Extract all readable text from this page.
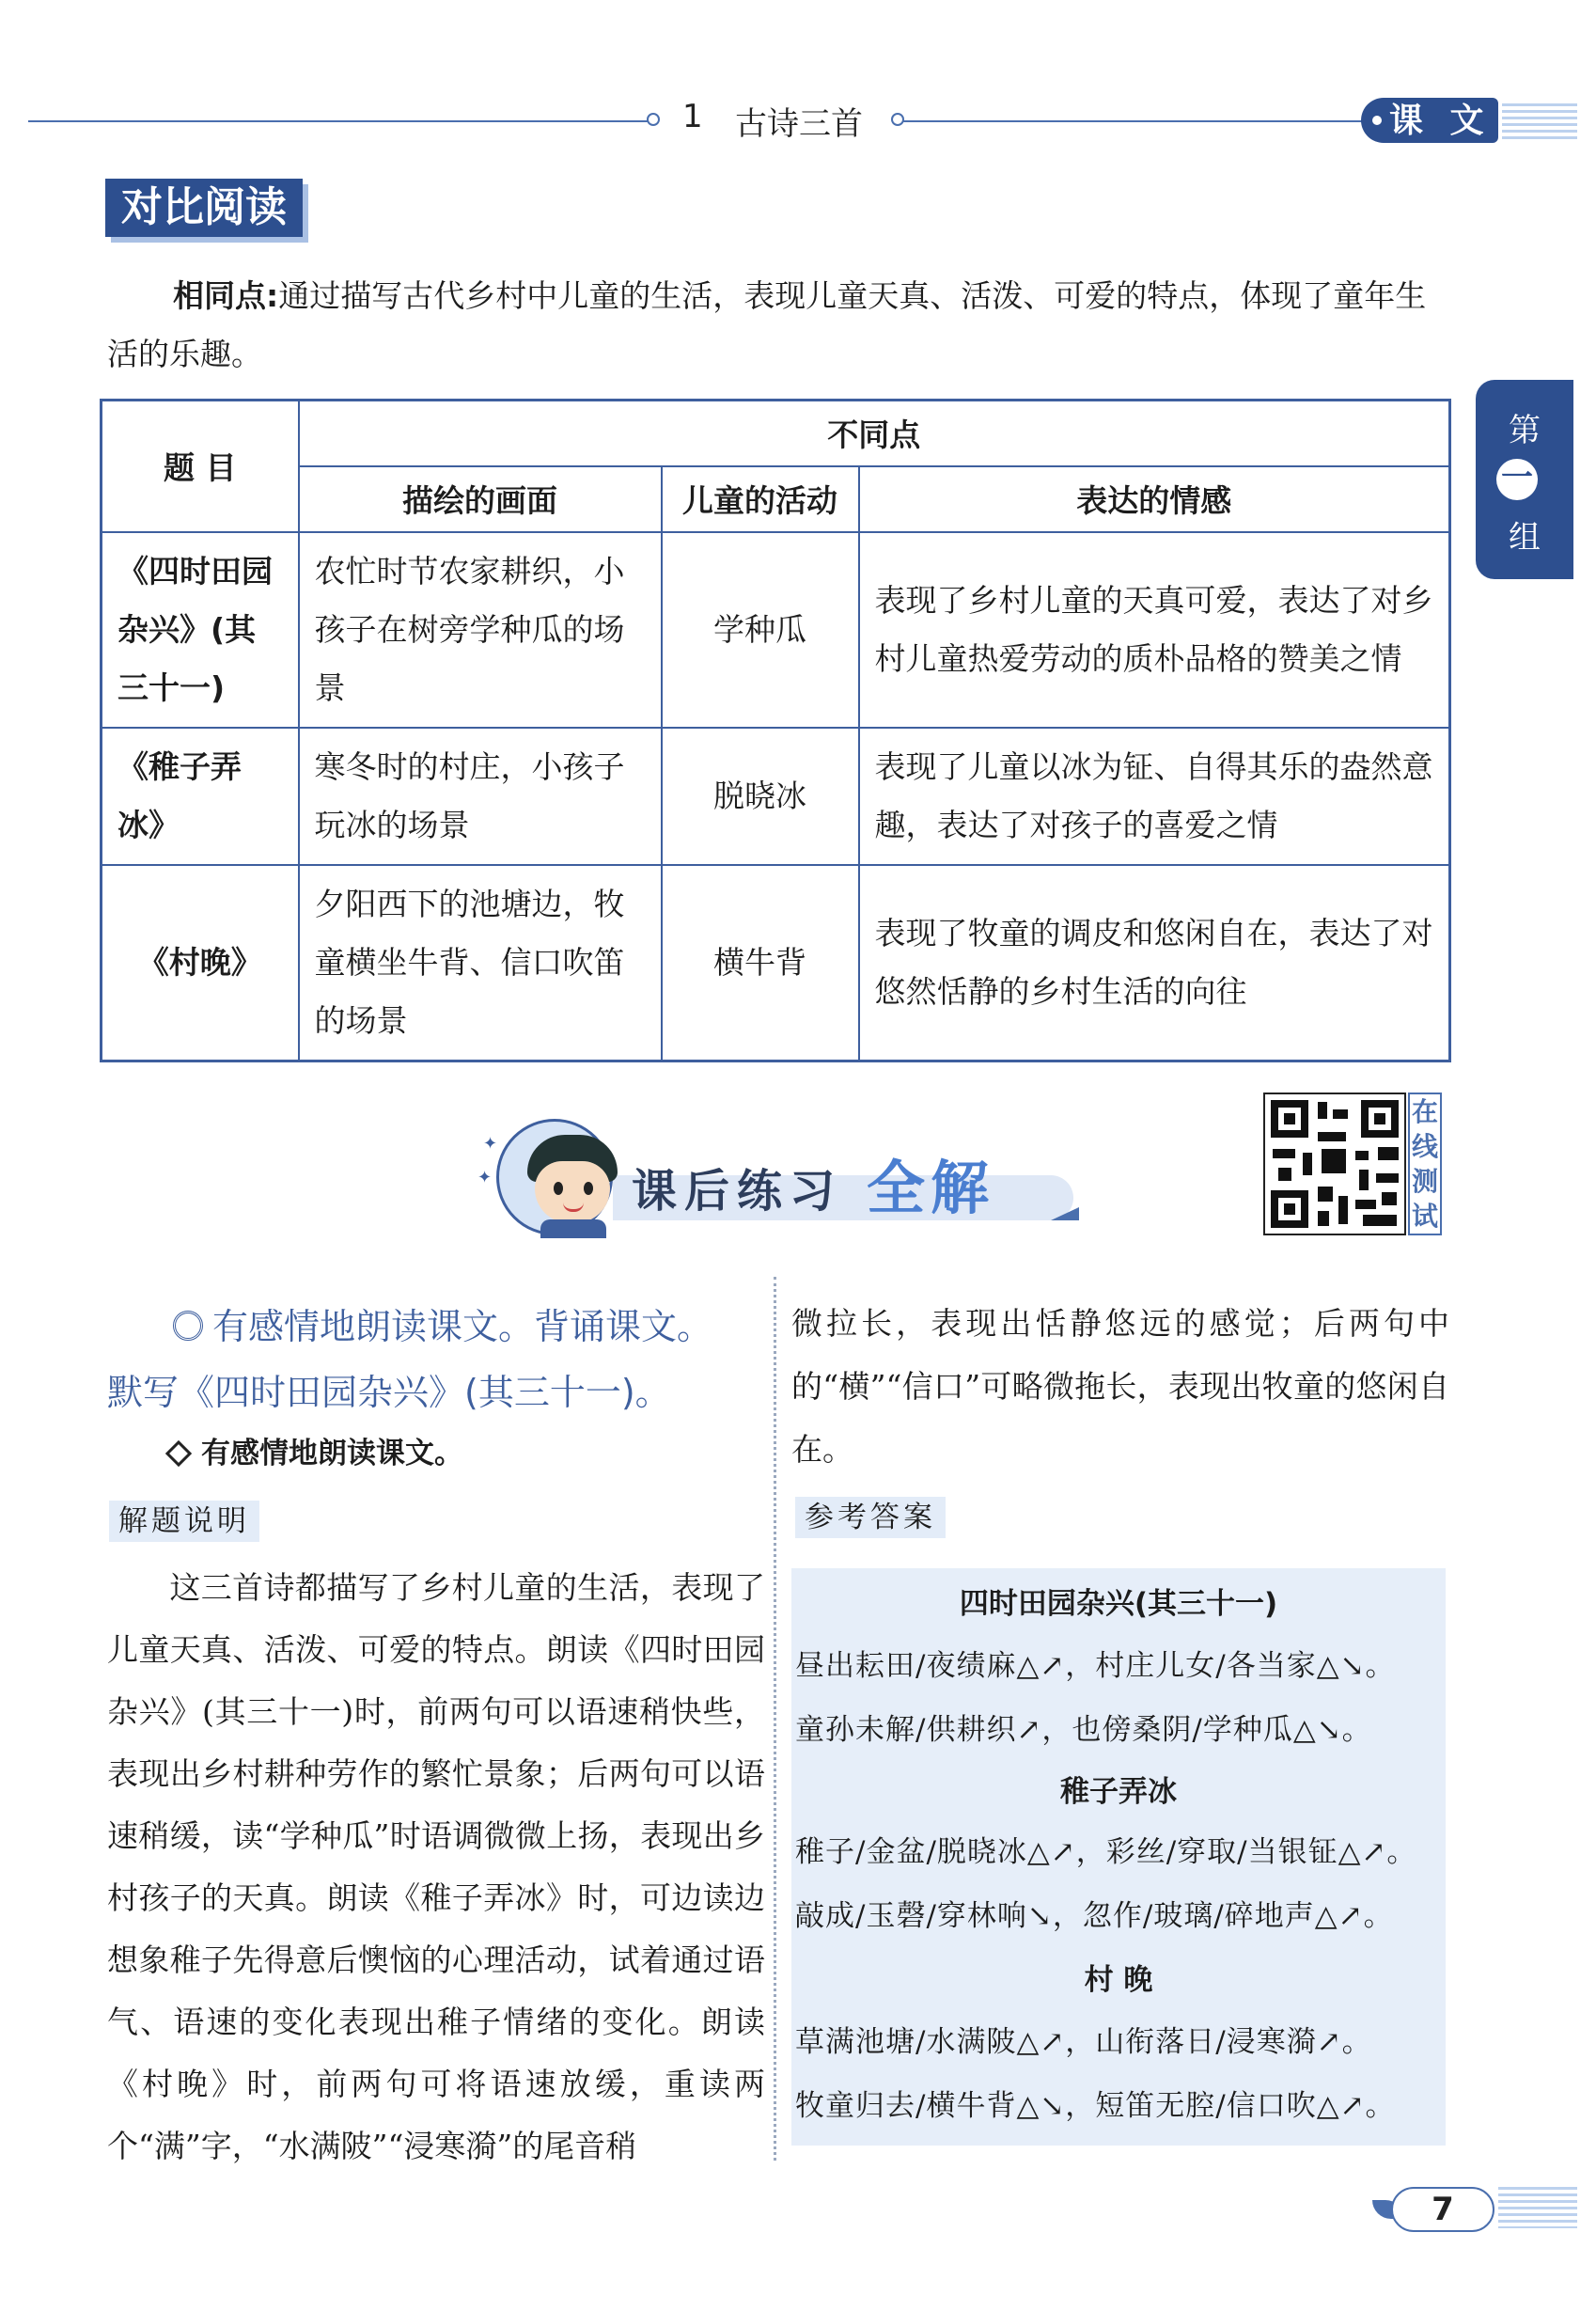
1 古诗三首	课 文
第
一
组
对比阅读
相同点:通过描写古代乡村中儿童的生活，表现儿童天真、活泼、可爱的特点，体现了童年生
活的乐趣。
题 目	不同点		
	描绘的画面	儿童的活动	表达的情感
《四时田园杂兴》(其三十一)	农忙时节农家耕织，小孩子在树旁学种瓜的场景	学种瓜	表现了乡村儿童的天真可爱，表达了对乡村儿童热爱劳动的质朴品格的赞美之情
《稚子弄冰》	寒冬时的村庄，小孩子玩冰的场景	脱晓冰	表现了儿童以冰为钲、自得其乐的盎然意趣，表达了对孩子的喜爱之情
《村晚》	夕阳西下的池塘边，牧童横坐牛背、信口吹笛的场景	横牛背	表现了牧童的调皮和悠闲自在，表达了对悠然恬静的乡村生活的向往
✦
✦	课后练习 全解
在线测试
有感情地朗读课文。背诵课文。
默写《四时田园杂兴》(其三十一)。
有感情地朗读课文。
解题说明
这三首诗都描写了乡村儿童的生活，表现了儿童天真、活泼、可爱的特点。朗读《四时田园杂兴》(其三十一)时，前两句可以语速稍快些，表现出乡村耕种劳作的繁忙景象；后两句可以语速稍缓，读“学种瓜”时语调微微上扬，表现出乡村孩子的天真。朗读《稚子弄冰》时，可边读边想象稚子先得意后懊恼的心理活动，试着通过语气、语速的变化表现出稚子情绪的变化。朗读《村晚》时，前两句可将语速放缓，重读两个“满”字，“水满陂”“浸寒漪”的尾音稍
微拉长，表现出恬静悠远的感觉；后两句中的“横”“信口”可略微拖长，表现出牧童的悠闲自在。
参考答案
四时田园杂兴(其三十一)
昼出耘田/夜绩麻△↗，村庄儿女/各当家△↘。
童孙未解/供耕织↗，也傍桑阴/学种瓜△↘。
稚子弄冰
稚子/金盆/脱晓冰△↗，彩丝/穿取/当银钲△↗。
敲成/玉磬/穿林响↘，忽作/玻璃/碎地声△↗。
村 晚
草满池塘/水满陂△↗，山衔落日/浸寒漪↗。
牧童归去/横牛背△↘，短笛无腔/信口吹△↗。
7
